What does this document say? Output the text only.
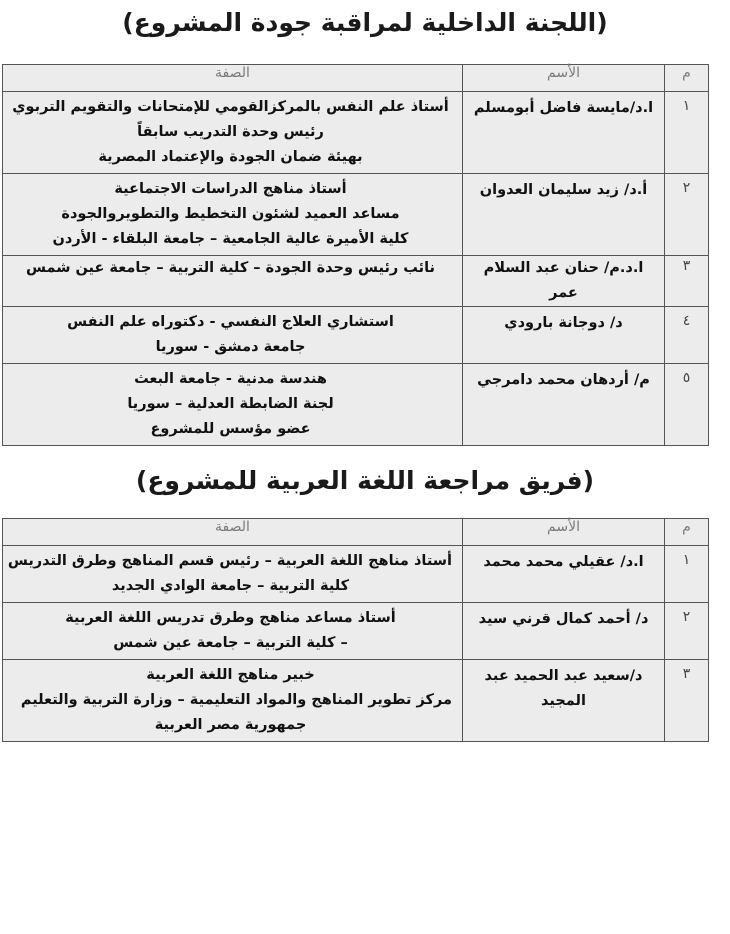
(اللجنة الداخلية لمراقبة جودة المشروع)
م	الأسم	الصفة
١	ا.د/مايسة فاضل أبومسلم	أستاذ علم النفس بالمركزالقومي للإمتحانات والتقويم التربوي
رئيس وحدة التدريب سابقاً
بهيئة ضمان الجودة والإعتماد المصرية

٢	أ.د/ زيد سليمان العدوان	أستاذ مناهج الدراسات الاجتماعية
مساعد العميد لشئون التخطيط والتطويروالجودة
كلية الأميرة عالية الجامعية – جامعة البلقاء - الأردن

٣	ا.د.م/ حنان عبد السلام عمر	نائب رئيس وحدة الجودة – كلية التربية – جامعة عين شمس

٤	د/ دوجانة بارودي	استشاري العلاج النفسي - دكتوراه علم النفس
جامعة دمشق - سوريا

٥	م/ أردهان محمد دامرجي	هندسة مدنية - جامعة البعث
لجنة الضابطة العدلية – سوريا
عضو مؤسس للمشروع
(فريق مراجعة اللغة العربية للمشروع)
م	الأسم	الصفة
١	ا.د/ عقيلي محمد محمد	أستاذ مناهج اللغة العربية – رئيس قسم المناهج وطرق التدريس
كلية التربية – جامعة الوادي الجديد

٢	د/ أحمد كمال قرني سيد	أستاذ مساعد مناهج وطرق تدريس اللغة العربية
– كلية التربية – جامعة عين شمس

٣	د/سعيد عبد الحميد عبد المجيد	خبير مناهج اللغة العربية
مركز تطوير المناهج والمواد التعليمية – وزارة التربية والتعليم
جمهورية مصر العربية
